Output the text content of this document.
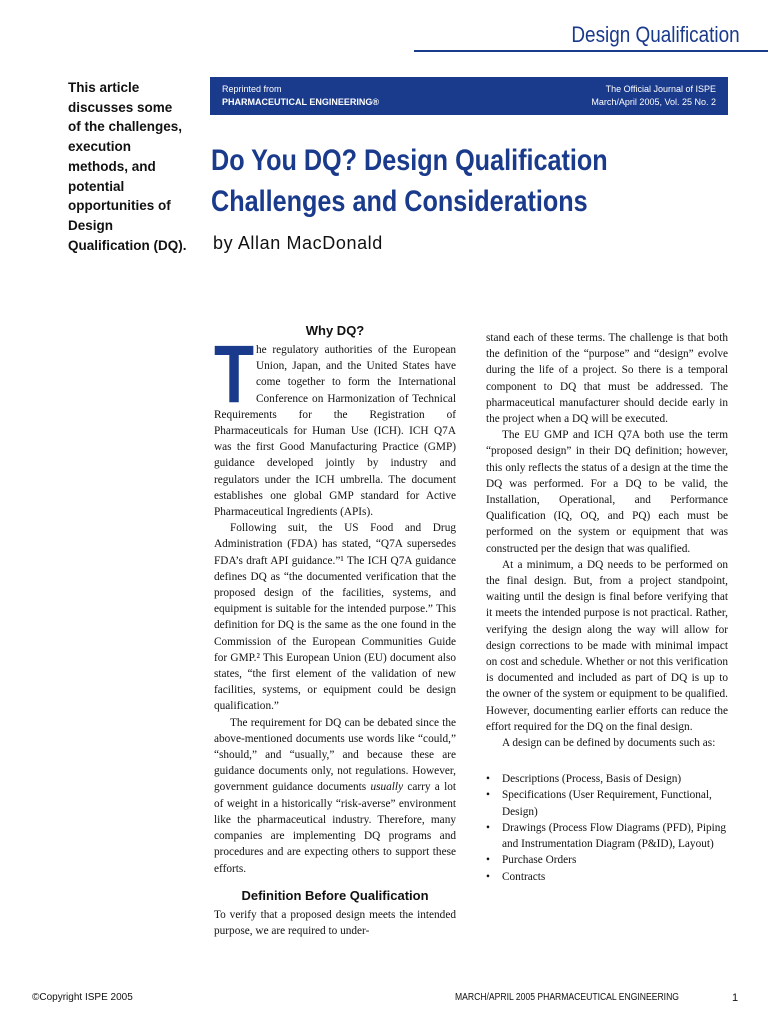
Design Qualification
This article discusses some of the challenges, execution methods, and potential opportunities of Design Qualification (DQ).
Reprinted from
PHARMACEUTICAL ENGINEERING®
The Official Journal of ISPE
March/April 2005, Vol. 25 No. 2
Do You DQ? Design Qualification
Challenges and Considerations
by Allan MacDonald
Why DQ?

The regulatory authorities of the European Union, Japan, and the United States have come together to form the International Conference on Harmonization of Technical Requirements for the Registration of Pharmaceuticals for Human Use (ICH). ICH Q7A was the first Good Manufacturing Practice (GMP) guidance developed jointly by industry and regulators under the ICH umbrella. The document establishes one global GMP standard for Active Pharmaceutical Ingredients (APIs).

Following suit, the US Food and Drug Administration (FDA) has stated, “Q7A supersedes FDA’s draft API guidance.”¹ The ICH Q7A guidance defines DQ as “the documented verification that the proposed design of the facilities, systems, and equipment is suitable for the intended purpose.” This definition for DQ is the same as the one found in the Commission of the European Communities Guide for GMP.² This European Union (EU) document also states, “the first element of the validation of new facilities, systems, or equipment could be design qualification.”

The requirement for DQ can be debated since the above-mentioned documents use words like “could,” “should,” and “usually,” and because these are guidance documents only, not regulations. However, government guidance documents usually carry a lot of weight in a historically “risk-averse” environment like the pharmaceutical industry. Therefore, many companies are implementing DQ programs and procedures and are expecting others to support these efforts.

Definition Before Qualification

To verify that a proposed design meets the intended purpose, we are required to under-

stand each of these terms. The challenge is that both the definition of the “purpose” and “design” evolve during the life of a project. So there is a temporal component to DQ that must be addressed. The pharmaceutical manufacturer should decide early in the project when a DQ will be executed.

The EU GMP and ICH Q7A both use the term “proposed design” in their DQ definition; however, this only reflects the status of a design at the time the DQ was performed. For a DQ to be valid, the Installation, Operational, and Performance Qualification (IQ, OQ, and PQ) each must be performed on the system or equipment that was constructed per the design that was qualified.

At a minimum, a DQ needs to be performed on the final design. But, from a project standpoint, waiting until the design is final before verifying that it meets the intended purpose is not practical. Rather, verifying the design along the way will allow for design corrections to be made with minimal impact on cost and schedule. Whether or not this verification is documented and included as part of DQ is up to the owner of the system or equipment to be qualified. However, documenting earlier efforts can reduce the effort required for the DQ on the final design.

A design can be defined by documents such as:

• Descriptions (Process, Basis of Design)
• Specifications (User Requirement, Functional, Design)
• Drawings (Process Flow Diagrams (PFD), Piping and Instrumentation Diagram (P&ID), Layout)
• Purchase Orders
• Contracts
©Copyright ISPE 2005	MARCH/APRIL 2005 PHARMACEUTICAL ENGINEERING	1
